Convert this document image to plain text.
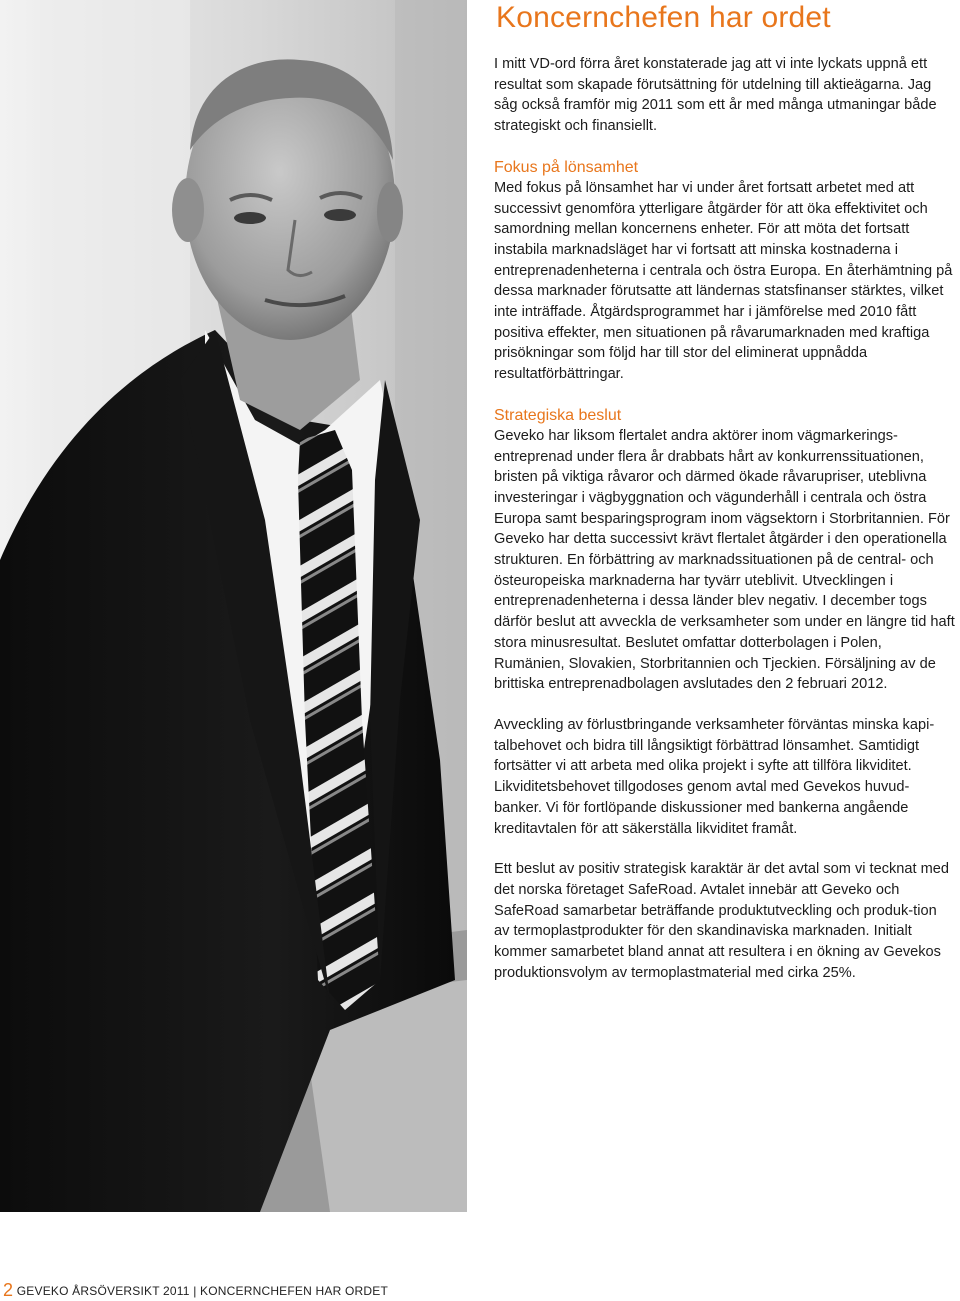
Koncernchefen har ordet

I mitt VD-ord förra året konstaterade jag att vi inte lyckats uppnå ett resultat som skapade förutsättning för utdelning till aktieägarna. Jag såg också framför mig 2011 som ett år med många utmaningar både strategiskt och finansiellt.

Fokus på lönsamhet

Med fokus på lönsamhet har vi under året fortsatt arbetet med att successivt genomföra ytterligare åtgärder för att öka effektivitet och samordning mellan koncernens enheter. För att möta det fortsatt instabila marknadsläget har vi fortsatt att minska kostnaderna i entreprenadenheterna i centrala och östra Europa. En återhämtning på dessa marknader förutsatte att ländernas statsfinanser stärktes, vilket inte inträffade. Åtgärdsprogrammet har i jämförelse med 2010 fått positiva effekter, men situationen på råvarumarknaden med kraftiga prisökningar som följd har till stor del eliminerat uppnådda resultatförbättringar.

Strategiska beslut

Geveko har liksom flertalet andra aktörer inom vägmarkerings-entreprenad under flera år drabbats hårt av konkurrenssituationen, bristen på viktiga råvaror och därmed ökade råvarupriser, uteblivna investeringar i vägbyggnation och vägunderhåll i centrala och östra Europa samt besparingsprogram inom vägsektorn i Storbritannien. För Geveko har detta successivt krävt flertalet åtgärder i den operationella strukturen. En förbättring av marknadssituationen på de central- och östeuropeiska marknaderna har tyvärr uteblivit. Utvecklingen i entreprenadenheterna i dessa länder blev negativ. I december togs därför beslut att avveckla de verksamheter som under en längre tid haft stora minusresultat. Beslutet omfattar dotterbolagen i Polen, Rumänien, Slovakien, Storbritannien och Tjeckien. Försäljning av de brittiska entreprenadbolagen avslutades den 2 februari 2012.

Avveckling av förlustbringande verksamheter förväntas minska kapi-talbehovet och bidra till långsiktigt förbättrad lönsamhet. Samtidigt fortsätter vi att arbeta med olika projekt i syfte att tillföra likviditet. Likviditetsbehovet tillgodoses genom avtal med Gevekos huvud-banker. Vi för fortlöpande diskussioner med bankerna angående kreditavtalen för att säkerställa likviditet framåt.

Ett beslut av positiv strategisk karaktär är det avtal som vi tecknat med det norska företaget SafeRoad. Avtalet innebär att Geveko och SafeRoad samarbetar beträffande produktutveckling och produk-tion av termoplastprodukter för den skandinaviska marknaden. Initialt kommer samarbetet bland annat att resultera i en ökning av Gevekos produktionsvolym av termoplastmaterial med cirka 25%.

2 GEVEKO ÅRSÖVERSIKT 2011 | KONCERNCHEFEN HAR ORDET
